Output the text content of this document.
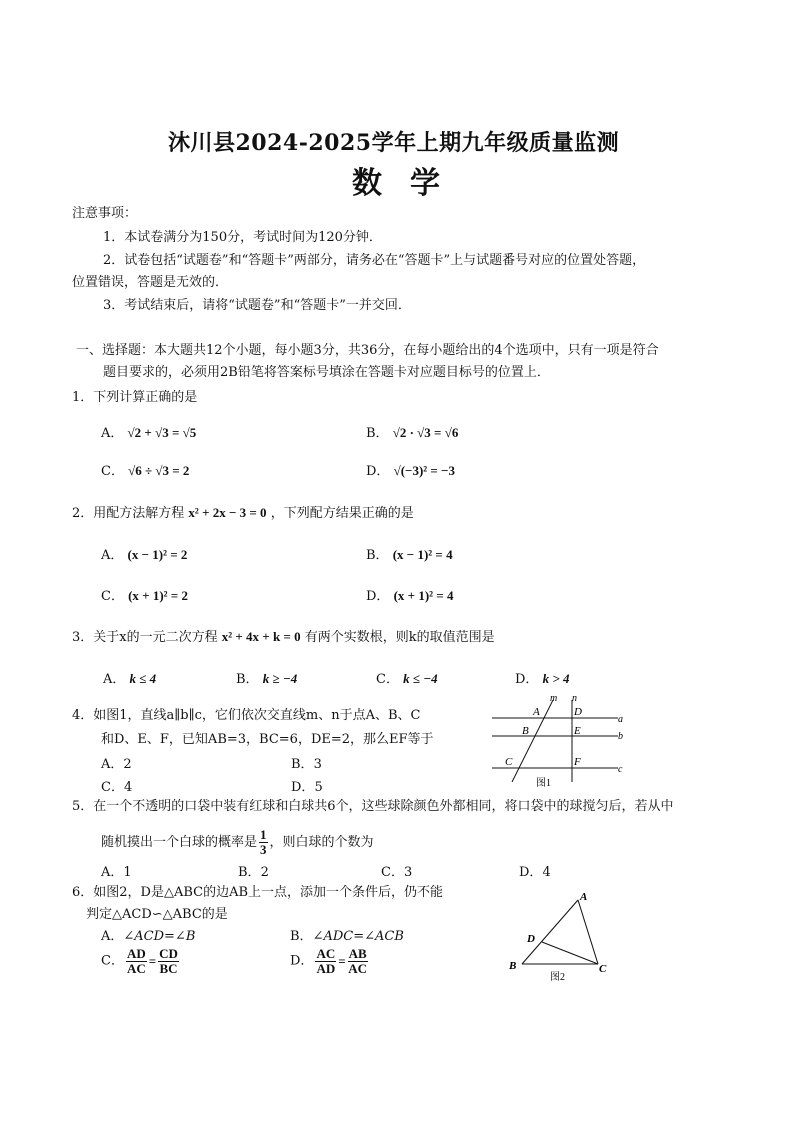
沐川县2024-2025学年上期九年级质量监测
数学
注意事项：
1．本试卷满分为150分，考试时间为120分钟．
2．试卷包括“试题卷”和“答题卡”两部分，请务必在“答题卡”上与试题番号对应的位置处答题，
位置错误，答题是无效的．
3．考试结束后，请将“试题卷”和“答题卡”一并交回．
一、选择题：本大题共12个小题，每小题3分，共36分，在每小题给出的4个选项中，只有一项是符合
题目要求的，必须用2B铅笔将答案标号填涂在答题卡对应题目标号的位置上．
1．下列计算正确的是
A． √2 + √3 = √5	B． √2 · √3 = √6
C． √6 ÷ √3 = 2	D． √(−3)² = −3
2．用配方法解方程 x² + 2x − 3 = 0 ，下列配方结果正确的是
A． (x − 1)² = 2	B． (x − 1)² = 4
C． (x + 1)² = 2	D． (x + 1)² = 4
3．关于x的一元二次方程 x² + 4x + k = 0 有两个实数根，则k的取值范围是
A． k ≤ 4	B． k ≥ −4	C． k ≤ −4	D． k > 4
4．如图1，直线a∥b∥c，它们依次交直线m、n于点A、B、C
和D、E、F，已知AB=3，BC=6，DE=2，那么EF等于
A．2	B．3
C．4	D．5
m n
A	D
a
B	E	b
C	F
c
图1
5．在一个不透明的口袋中装有红球和白球共6个，这些球除颜色外都相同，将口袋中的球搅匀后，若从中
随机摸出一个白球的概率是 $\frac{1}{3}$ ，则白球的个数为
A．1	B．2	C．3	D．4
6．如图2，D是△ABC的边AB上一点，添加一个条件后，仍不能
判定△ACD∽△ABC的是
A．∠ACD=∠B	B．∠ADC=∠ACB
C． $\frac{AD}{AC} = \frac{CD}{BC}$	D． $\frac{AC}{AD} = \frac{AB}{AC}$
A
D
B	C
图2
